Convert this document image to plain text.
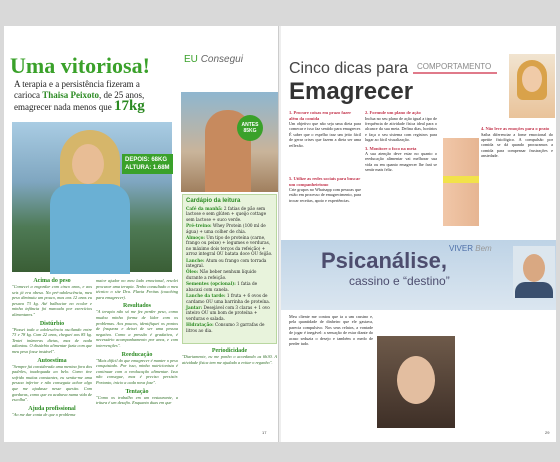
Uma vitoriosa!
A terapia e a persistência fizeram a carioca Thaisa Peixoto, de 25 anos, emagrecer nada menos que 17kg
EU Consegui
DEPOIS: 68KG
ALTURA: 1.68M
ANTES
85KG
Acima do peso
"Comecei a engordar com cinco anos, e aos seis já era obesa. Na pré-adolescência, meu peso diminuiu um pouco, mas aos 12 anos eu pesava 73 kg. Até balbuciar no ecolar e minha infância foi marcada por exercícios alimentares."
Distúrbio
"Passei toda a adolescência oscilando entre 73 e 78 kg. Com 22 anos, cheguei aos 85 kg. Tentei inúmeras dietas, mas de nada adiantou. O distúrbio alimentar fazia com que meu peso fosse instável".
Autoestima
"Sempre fui considerada uma menina fora dos padrões, inadequada ao belo. Como tive sofrido muitas constantes, eu sentia-me uma pessoa inferior e não conseguia achar algo que me ajudasse nesse quesito. Com gorduras, como que eu acabava numa vida de escolha".
Ajuda profissional
"Ao me dar conta de que o problema
maior ajudar no meu lado emocional, resolvi procurar uma terapia. Tenho consultado o meu técnico o site Dra. Flavia Freitas (coaching para emagrecer).
Resultados
"A terapia não só me fez perder peso, como mudou minha forma de lidar com os problemas. Aos poucos, identifiquei os pontos de fraqueza e deixei de ser uma pessoa negativa. Como a pressão é gradativa, é necessário acompanhamento por anos, e com intervenções".
Reeducação
"Mais difícil do que emagrecer é manter o peso conquistado. Por isso, minha nutricionista é continuar com a reeducação alimentar. Isso não consegue, mas é preciso persistir. Portanto, inicio a cada nova fase".
Tentação
"Como os trabalho em um restaurante, a tritura é um desafio. Enquanto duas em que
Cardápio da leitura

Café da manhã: 2 fatias de pão sem lactose e sem glúten + queijo cottage sem lactose + suco verde.

Pré-treino: Whey Protein (100 ml de água) + uma colher de chia.

Almoço: Um tipo de proteína (carne, frango ou peixe) + legumes e verduras, no máximo dois terços da refeição) + arroz integral OU batata doce OU feijão.

Lanche: Atum ou frango com torrada integral.

Óleo: Não beber nenhum líquido durante a refeição.

Sementes (opcional): 1 fatia de abacaxi com canela.

Lanche da tarde: 1 fruta + 6 ovos de cardamo OU uma barrinha de proteína.

Jantar: Desejável com 3 claras + 1 ovo inteiro OU um bom de proteína + verduras e salada.

Hidratação: Consumo 3 garrafas de litros ao dia.

Periodicidade
"Diariamente, eu me ponho o acordando as 6h30. A atividade física tem me ajudado a evitar o reganho".
17
Cinco dicas para
Emagrecer
COMPORTAMENTO
1. Procure coisas em prazo fazer além da comida
Um objetivo que não seja uma dieta para comecar e isso faz sentido para emagrecer. É saber que o espelho traz um jeito fácil de gerar crises que fazem a dieta ser uma reflexão.
2. Formule um plano de ação
Inclua no seu plano de ação igual a tipo de frequência de atividade física ideal para o alcance da sua meta. Defina dias, horários e faça o seu sistema com registros para lugar ao fácil visualização.
3. Monitore o foco na meta
A sua atenção deve estar no quanto o reeducação alimentar vai melhorar sua vida ou em quanto emagrecer lhe fará se sentir mais feliz.
5. Utilize as redes sociais para buscar um companheirismo
Crie grupos no Whatsapp com pessoas que estão em processo de emagrecimento, para trocar receitas, apoio e experiências.
4. Não leve as emoções para o prato
Saiba diferenciar a fome emocional do apetite fisiológico. A compulsão por comida se dá quando procuramos a comida para compensar frustrações e ansiedade.
Psicanálise,
cassino e “destino”
VIVER Bem
Meu cliente me contou que ia a um cassino e, pela quantidade de dinheiro que ele gastava, parecia compulsivo. Nos seus relatos, a vontade de jogar é inegável: a sensação de estar diante do acaso seduzia o desejo e também o medo de perder tudo.
29
